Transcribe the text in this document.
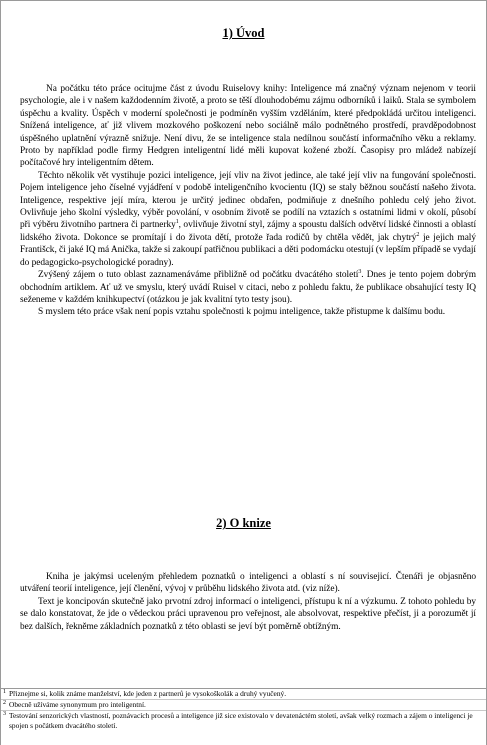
1) Úvod

Na počátku této práce ocitujme část z úvodu Ruiselovy knihy: Inteligence má značný význam nejenom v teorii psychologie, ale i v našem každodenním životě, a proto se těší dlouhodobému zájmu odborníků i laiků. Stala se symbolem úspěchu a kvality. Úspěch v moderní společnosti je podmíněn vyšším vzděláním, které předpokládá určitou inteligenci. Snížená inteligence, ať již vlivem mozkového poškození nebo sociálně málo podnětného prostředí, pravděpodobnost úspěšného uplatnění výrazně snižuje. Není divu, že se inteligence stala nedílnou součástí informačního věku a reklamy. Proto by například podle firmy Hedgren inteligentní lidé měli kupovat kožené zboží. Časopisy pro mládež nabízejí počítačové hry inteligentním dětem.

Těchto několik vět vystihuje pozici inteligence, její vliv na život jedince, ale také její vliv na fungování společnosti. Pojem inteligence jeho číselné vyjádření v podobě inteligenčního kvocientu (IQ) se staly běžnou součástí našeho života. Inteligence, respektive její míra, kterou je určitý jedinec obdařen, podmiňuje z dnešního pohledu celý jeho život. Ovlivňuje jeho školní výsledky, výběr povolání, v osobním životě se podílí na vztazích s ostatními lidmi v okolí, působí při výběru životního partnera či partnerky$^1$, ovlivňuje životní styl, zájmy a spoustu dalších odvětví lidské činnosti a oblastí lidského života. Dokonce se promítají i do života dětí, protože řada rodičů by chtěla vědět, jak chytrý$^2$ je jejich malý Františck, či jaké IQ má Anička, takže si zakoupí patřičnou publikaci a děti podomácku otestují (v lepším případě se vydají do pedagogicko-psychologické poradny).

Zvýšený zájem o tuto oblast zaznamenáváme přibližně od počátku dvacátého století$^3$. Dnes je tento pojem dobrým obchodním artiklem. Ať už ve smyslu, který uvádí Ruisel v citaci, nebo z pohledu faktu, že publikace obsahující testy IQ seženeme v každém knihkupectví (otázkou je jak kvalitní tyto testy jsou).

S myslem této práce však není popis vztahu společnosti k pojmu inteligence, takže přistupme k dalšímu bodu.

2) O knize

Kniha je jakýmsi uceleným přehledem poznatků o inteligenci a oblastí s ní souvisejicí. Čtenáři je objasněno utváření teorií inteligence, její členění, vývoj v průběhu lidského života atd. (viz níže).

Text je koncipován skutečně jako prvotní zdroj informací o inteligenci, přístupu k ní a výzkumu. Z tohoto pohledu by se dalo konstatovat, že jde o vědeckou práci upravenou pro veřejnost, ale absolvovat, respektive přečíst, ji a porozumět jí bez dalších, řekněme základních poznatků z této oblasti se jeví být poměrně obtížným.

1 Přiznejme si, kolik známe manželství, kde jeden z partnerů je vysokoškolák a druhý vyučený.
2 Obecně užíváme synonymum pro inteligentní.
3 Testování senzorických vlastností, poznávacích procesů a inteligence již sice existovalo v devatenáctém století, avšak velký rozmach a zájem o inteligenci je spojen s počátkem dvacátého století.
